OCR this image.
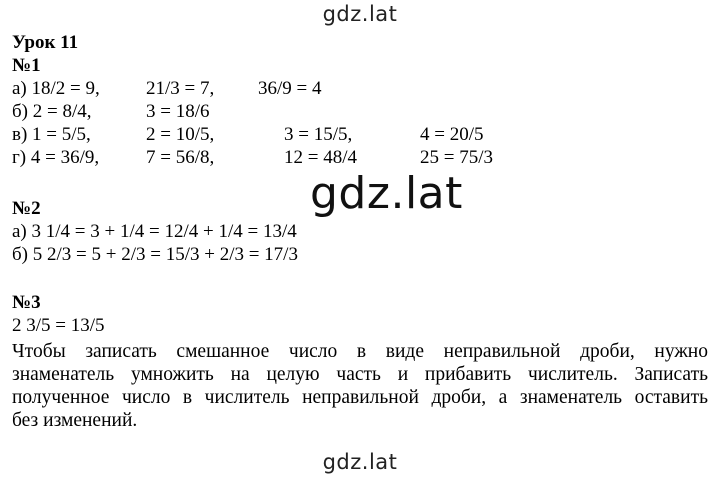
gdz.lat
Урок 11
№1
а) 18/2 = 9, 21/3 = 7, 36/9 = 4
б) 2 = 8/4,	3 = 18/6
в) 1 = 5/5,	2 = 10/5,	3 = 15/5,	4 = 20/5
г) 4 = 36/9, 7 = 56/8,	12 = 48/4	25 = 75/3
gdz.lat
№2
а) 3 1/4 = 3 + 1/4 = 12/4 + 1/4 = 13/4
б) 5 2/3 = 5 + 2/3 = 15/3 + 2/3 = 17/3
№3
2 3/5 = 13/5
Чтобы записать смешанное число в виде неправильной дроби, нужно
знаменатель умножить на целую часть и прибавить числитель. Записать
полученное число в числитель неправильной дроби, а знаменатель оставить
без изменений.
gdz.lat
